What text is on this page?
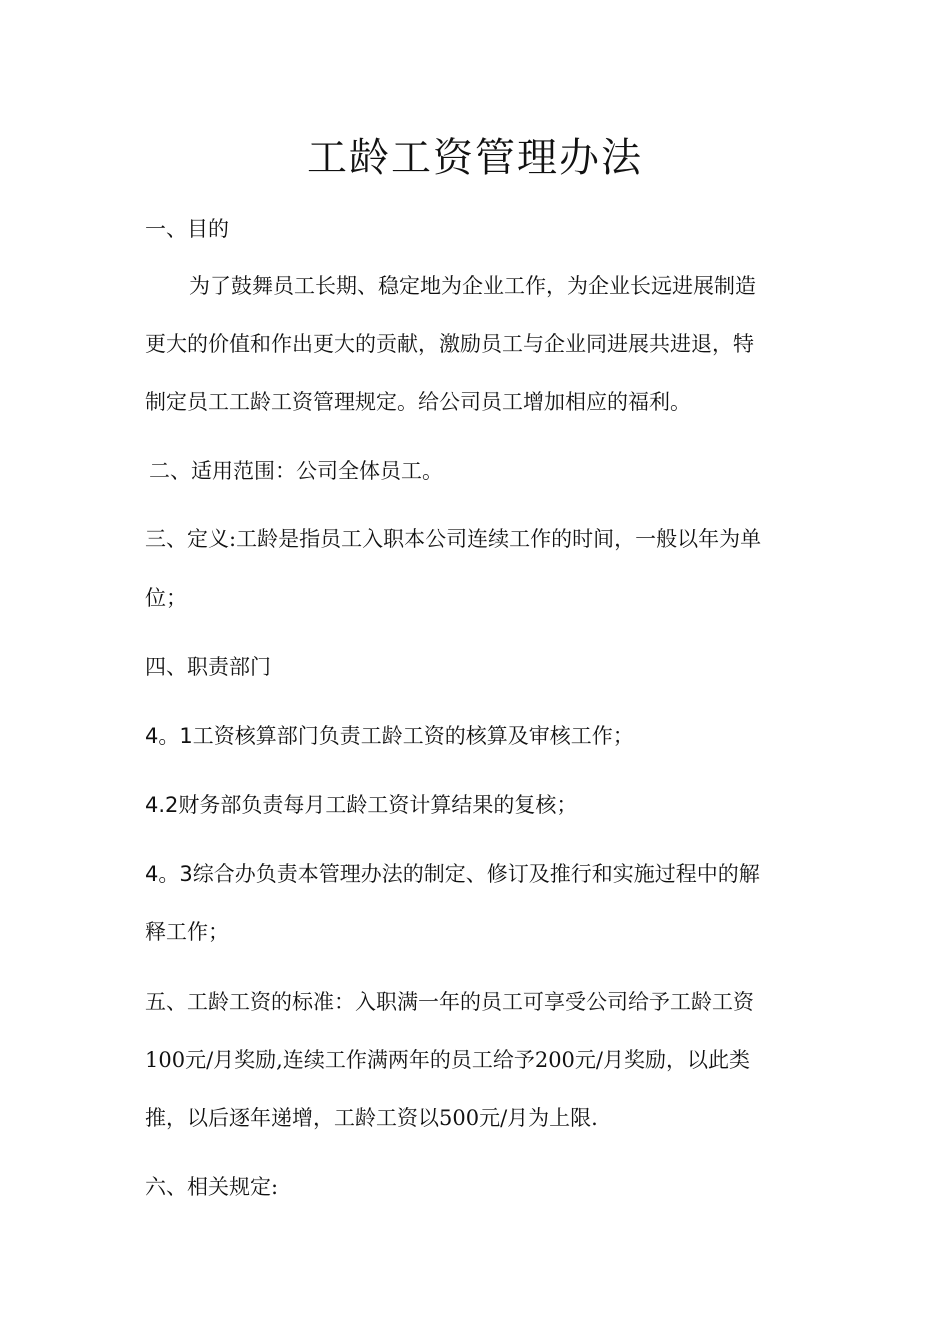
工龄工资管理办法
一、目的
为了鼓舞员工长期、稳定地为企业工作，为企业长远进展制造
更大的价值和作出更大的贡献，激励员工与企业同进展共进退，特
制定员工工龄工资管理规定。给公司员工增加相应的福利。
二、适用范围：公司全体员工。
三、定义:工龄是指员工入职本公司连续工作的时间，一般以年为单
位；
四、职责部门
4。1工资核算部门负责工龄工资的核算及审核工作；
4.2财务部负责每月工龄工资计算结果的复核；
4。3综合办负责本管理办法的制定、修订及推行和实施过程中的解
释工作；
五、工龄工资的标准：入职满一年的员工可享受公司给予工龄工资
100元/月奖励,连续工作满两年的员工给予200元/月奖励，以此类
推，以后逐年递增，工龄工资以500元/月为上限.
六、相关规定:
